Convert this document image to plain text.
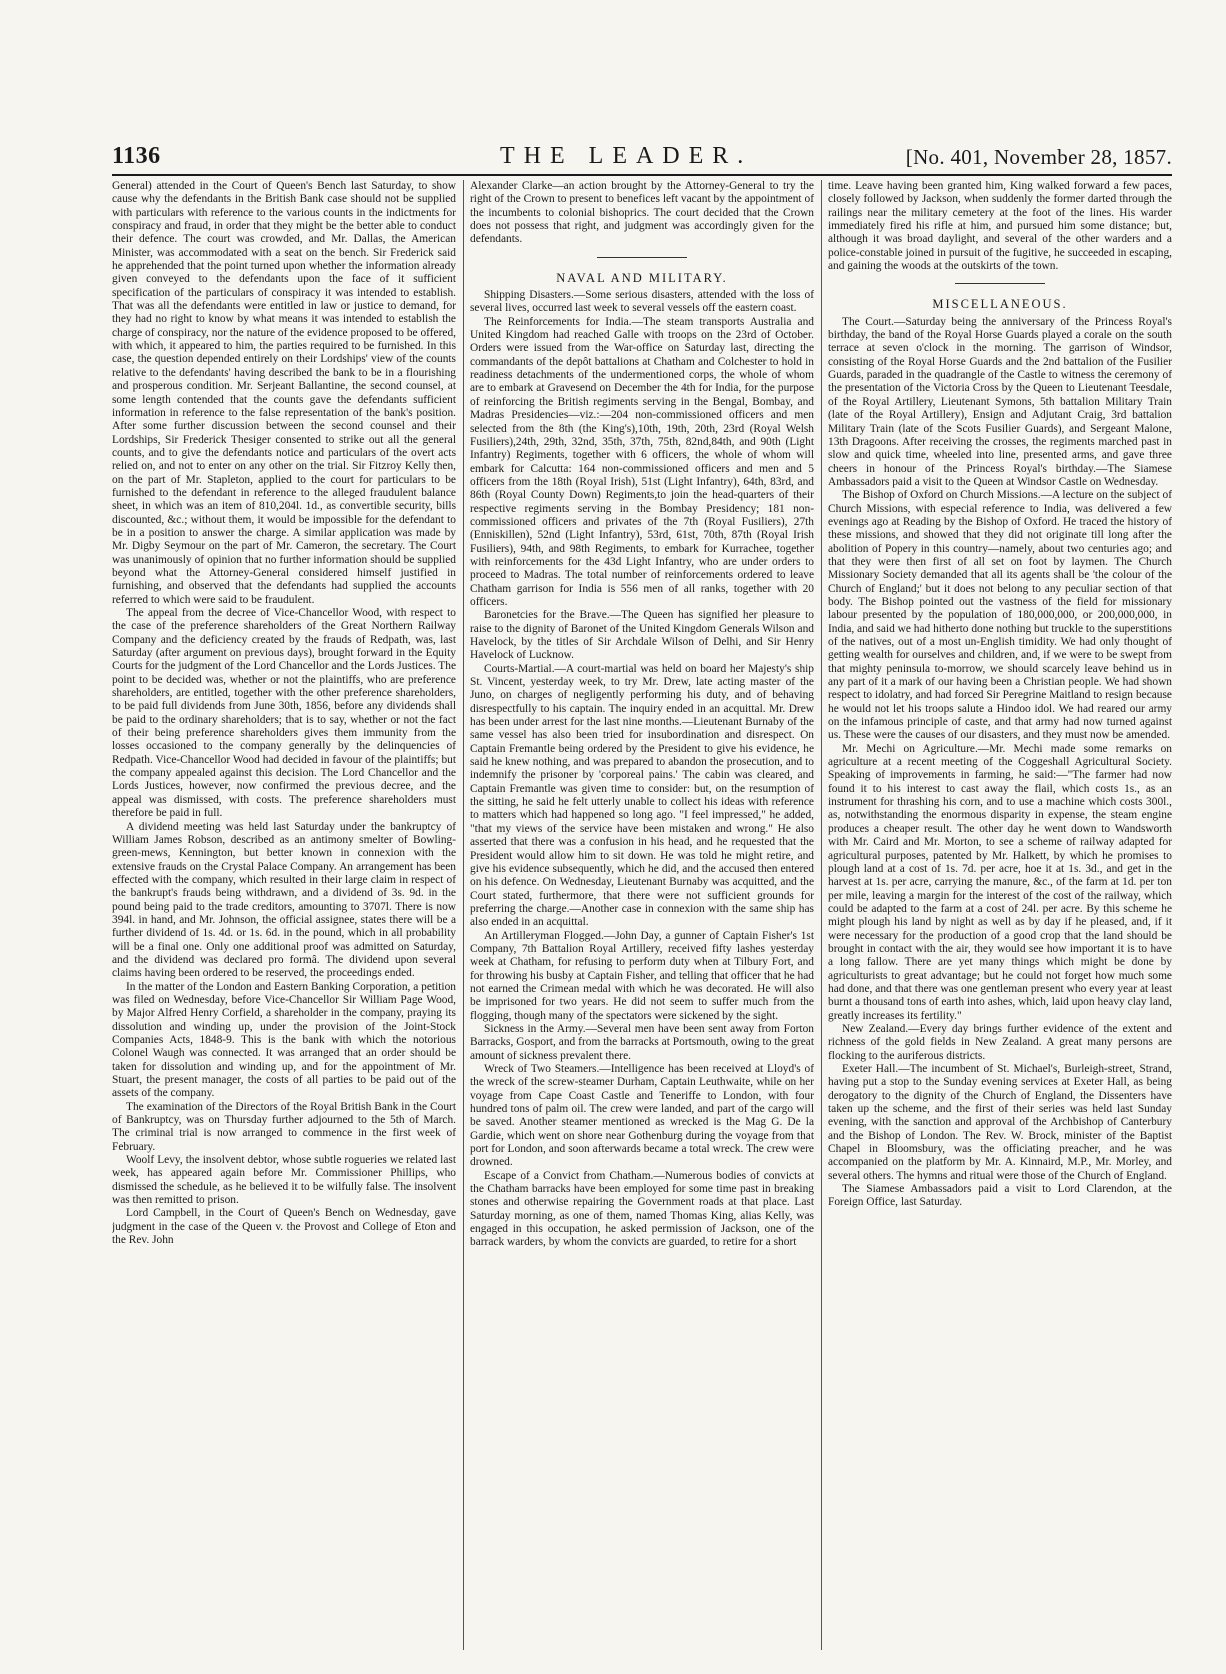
1136	THE LEADER.	[No. 401, November 28, 1857.

General) attended in the Court of Queen's Bench last Saturday, to show cause why the defendants in the British Bank case should not be supplied with particulars with reference to the various counts in the indictments for conspiracy and fraud, in order that they might be the better able to conduct their defence. The court was crowded, and Mr. Dallas, the American Minister, was accommodated with a seat on the bench. Sir Frederick said he apprehended that the point turned upon whether the information already given conveyed to the defendants upon the face of it sufficient specification of the particulars of conspiracy it was intended to establish. That was all the defendants were entitled in law or justice to demand, for they had no right to know by what means it was intended to establish the charge of conspiracy, nor the nature of the evidence proposed to be offered, with which, it appeared to him, the parties required to be furnished. In this case, the question depended entirely on their Lordships' view of the counts relative to the defendants' having described the bank to be in a flourishing and prosperous condition. Mr. Serjeant Ballantine, the second counsel, at some length contended that the counts gave the defendants sufficient information in reference to the false representation of the bank's position. After some further discussion between the second counsel and their Lordships, Sir Frederick Thesiger consented to strike out all the general counts, and to give the defendants notice and particulars of the overt acts relied on, and not to enter on any other on the trial. Sir Fitzroy Kelly then, on the part of Mr. Stapleton, applied to the court for particulars to be furnished to the defendant in reference to the alleged fraudulent balance sheet, in which was an item of 810,204l. 1d., as convertible security, bills discounted, &c.; without them, it would be impossible for the defendant to be in a position to answer the charge. A similar application was made by Mr. Digby Seymour on the part of Mr. Cameron, the secretary. The Court was unanimously of opinion that no further information should be supplied beyond what the Attorney-General considered himself justified in furnishing, and observed that the defendants had supplied the accounts referred to which were said to be fraudulent.

The appeal from the decree of Vice-Chancellor Wood, with respect to the case of the preference shareholders of the Great Northern Railway Company and the deficiency created by the frauds of Redpath, was, last Saturday (after argument on previous days), brought forward in the Equity Courts for the judgment of the Lord Chancellor and the Lords Justices. The point to be decided was, whether or not the plaintiffs, who are preference shareholders, are entitled, together with the other preference shareholders, to be paid full dividends from June 30th, 1856, before any dividends shall be paid to the ordinary shareholders; that is to say, whether or not the fact of their being preference shareholders gives them immunity from the losses occasioned to the company generally by the delinquencies of Redpath. Vice-Chancellor Wood had decided in favour of the plaintiffs; but the company appealed against this decision. The Lord Chancellor and the Lords Justices, however, now confirmed the previous decree, and the appeal was dismissed, with costs. The preference shareholders must therefore be paid in full.

A dividend meeting was held last Saturday under the bankruptcy of William James Robson, described as an antimony smelter of Bowling-green-mews, Kennington, but better known in connexion with the extensive frauds on the Crystal Palace Company. An arrangement has been effected with the company, which resulted in their large claim in respect of the bankrupt's frauds being withdrawn, and a dividend of 3s. 9d. in the pound being paid to the trade creditors, amounting to 3707l. There is now 394l. in hand, and Mr. Johnson, the official assignee, states there will be a further dividend of 1s. 4d. or 1s. 6d. in the pound, which in all probability will be a final one. Only one additional proof was admitted on Saturday, and the dividend was declared pro formâ. The dividend upon several claims having been ordered to be reserved, the proceedings ended.

In the matter of the London and Eastern Banking Corporation, a petition was filed on Wednesday, before Vice-Chancellor Sir William Page Wood, by Major Alfred Henry Corfield, a shareholder in the company, praying its dissolution and winding up, under the provision of the Joint-Stock Companies Acts, 1848-9. This is the bank with which the notorious Colonel Waugh was connected. It was arranged that an order should be taken for dissolution and winding up, and for the appointment of Mr. Stuart, the present manager, the costs of all parties to be paid out of the assets of the company.

The examination of the Directors of the Royal British Bank in the Court of Bankruptcy, was on Thursday further adjourned to the 5th of March. The criminal trial is now arranged to commence in the first week of February.

Woolf Levy, the insolvent debtor, whose subtle rogueries we related last week, has appeared again before Mr. Commissioner Phillips, who dismissed the schedule, as he believed it to be wilfully false. The insolvent was then remitted to prison.

Lord Campbell, in the Court of Queen's Bench on Wednesday, gave judgment in the case of the Queen v. the Provost and College of Eton and the Rev. John

Alexander Clarke—an action brought by the Attorney-General to try the right of the Crown to present to benefices left vacant by the appointment of the incumbents to colonial bishoprics. The court decided that the Crown does not possess that right, and judgment was accordingly given for the defendants.

NAVAL AND MILITARY.

Shipping Disasters.—Some serious disasters, attended with the loss of several lives, occurred last week to several vessels off the eastern coast.

The Reinforcements for India.—The steam transports Australia and United Kingdom had reached Galle with troops on the 23rd of October. Orders were issued from the War-office on Saturday last, directing the commandants of the depôt battalions at Chatham and Colchester to hold in readiness detachments of the undermentioned corps, the whole of whom are to embark at Gravesend on December the 4th for India, for the purpose of reinforcing the British regiments serving in the Bengal, Bombay, and Madras Presidencies—viz.:—204 non-commissioned officers and men selected from the 8th (the King's),10th, 19th, 20th, 23rd (Royal Welsh Fusiliers),24th, 29th, 32nd, 35th, 37th, 75th, 82nd,84th, and 90th (Light Infantry) Regiments, together with 6 officers, the whole of whom will embark for Calcutta: 164 non-commissioned officers and men and 5 officers from the 18th (Royal Irish), 51st (Light Infantry), 64th, 83rd, and 86th (Royal County Down) Regiments,to join the head-quarters of their respective regiments serving in the Bombay Presidency; 181 non-commissioned officers and privates of the 7th (Royal Fusiliers), 27th (Enniskillen), 52nd (Light Infantry), 53rd, 61st, 70th, 87th (Royal Irish Fusiliers), 94th, and 98th Regiments, to embark for Kurrachee, together with reinforcements for the 43d Light Infantry, who are under orders to proceed to Madras. The total number of reinforcements ordered to leave Chatham garrison for India is 556 men of all ranks, together with 20 officers.

Baronetcies for the Brave.—The Queen has signified her pleasure to raise to the dignity of Baronet of the United Kingdom Generals Wilson and Havelock, by the titles of Sir Archdale Wilson of Delhi, and Sir Henry Havelock of Lucknow.

Courts-Martial.—A court-martial was held on board her Majesty's ship St. Vincent, yesterday week, to try Mr. Drew, late acting master of the Juno, on charges of negligently performing his duty, and of behaving disrespectfully to his captain. The inquiry ended in an acquittal. Mr. Drew has been under arrest for the last nine months.—Lieutenant Burnaby of the same vessel has also been tried for insubordination and disrespect. On Captain Fremantle being ordered by the President to give his evidence, he said he knew nothing, and was prepared to abandon the prosecution, and to indemnify the prisoner by 'corporeal pains.' The cabin was cleared, and Captain Fremantle was given time to consider: but, on the resumption of the sitting, he said he felt utterly unable to collect his ideas with reference to matters which had happened so long ago. "I feel impressed," he added, "that my views of the service have been mistaken and wrong." He also asserted that there was a confusion in his head, and he requested that the President would allow him to sit down. He was told he might retire, and give his evidence subsequently, which he did, and the accused then entered on his defence. On Wednesday, Lieutenant Burnaby was acquitted, and the Court stated, furthermore, that there were not sufficient grounds for preferring the charge.—Another case in connexion with the same ship has also ended in an acquittal.

An Artilleryman Flogged.—John Day, a gunner of Captain Fisher's 1st Company, 7th Battalion Royal Artillery, received fifty lashes yesterday week at Chatham, for refusing to perform duty when at Tilbury Fort, and for throwing his busby at Captain Fisher, and telling that officer that he had not earned the Crimean medal with which he was decorated. He will also be imprisoned for two years. He did not seem to suffer much from the flogging, though many of the spectators were sickened by the sight.

Sickness in the Army.—Several men have been sent away from Forton Barracks, Gosport, and from the barracks at Portsmouth, owing to the great amount of sickness prevalent there.

Wreck of Two Steamers.—Intelligence has been received at Lloyd's of the wreck of the screw-steamer Durham, Captain Leuthwaite, while on her voyage from Cape Coast Castle and Teneriffe to London, with four hundred tons of palm oil. The crew were landed, and part of the cargo will be saved. Another steamer mentioned as wrecked is the Mag G. De la Gardie, which went on shore near Gothenburg during the voyage from that port for London, and soon afterwards became a total wreck. The crew were drowned.

Escape of a Convict from Chatham.—Numerous bodies of convicts at the Chatham barracks have been employed for some time past in breaking stones and otherwise repairing the Government roads at that place. Last Saturday morning, as one of them, named Thomas King, alias Kelly, was engaged in this occupation, he asked permission of Jackson, one of the barrack warders, by whom the convicts are guarded, to retire for a short

time. Leave having been granted him, King walked forward a few paces, closely followed by Jackson, when suddenly the former darted through the railings near the military cemetery at the foot of the lines. His warder immediately fired his rifle at him, and pursued him some distance; but, although it was broad daylight, and several of the other warders and a police-constable joined in pursuit of the fugitive, he succeeded in escaping, and gaining the woods at the outskirts of the town.

MISCELLANEOUS.

The Court.—Saturday being the anniversary of the Princess Royal's birthday, the band of the Royal Horse Guards played a corale on the south terrace at seven o'clock in the morning. The garrison of Windsor, consisting of the Royal Horse Guards and the 2nd battalion of the Fusilier Guards, paraded in the quadrangle of the Castle to witness the ceremony of the presentation of the Victoria Cross by the Queen to Lieutenant Teesdale, of the Royal Artillery, Lieutenant Symons, 5th battalion Military Train (late of the Royal Artillery), Ensign and Adjutant Craig, 3rd battalion Military Train (late of the Scots Fusilier Guards), and Sergeant Malone, 13th Dragoons. After receiving the crosses, the regiments marched past in slow and quick time, wheeled into line, presented arms, and gave three cheers in honour of the Princess Royal's birthday.—The Siamese Ambassadors paid a visit to the Queen at Windsor Castle on Wednesday.

The Bishop of Oxford on Church Missions.—A lecture on the subject of Church Missions, with especial reference to India, was delivered a few evenings ago at Reading by the Bishop of Oxford. He traced the history of these missions, and showed that they did not originate till long after the abolition of Popery in this country—namely, about two centuries ago; and that they were then first of all set on foot by laymen. The Church Missionary Society demanded that all its agents shall be 'the colour of the Church of England;' but it does not belong to any peculiar section of that body. The Bishop pointed out the vastness of the field for missionary labour presented by the population of 180,000,000, or 200,000,000, in India, and said we had hitherto done nothing but truckle to the superstitions of the natives, out of a most un-English timidity. We had only thought of getting wealth for ourselves and children, and, if we were to be swept from that mighty peninsula to-morrow, we should scarcely leave behind us in any part of it a mark of our having been a Christian people. We had shown respect to idolatry, and had forced Sir Peregrine Maitland to resign because he would not let his troops salute a Hindoo idol. We had reared our army on the infamous principle of caste, and that army had now turned against us. These were the causes of our disasters, and they must now be amended.

Mr. Mechi on Agriculture.—Mr. Mechi made some remarks on agriculture at a recent meeting of the Coggeshall Agricultural Society. Speaking of improvements in farming, he said:—"The farmer had now found it to his interest to cast away the flail, which costs 1s., as an instrument for thrashing his corn, and to use a machine which costs 300l., as, notwithstanding the enormous disparity in expense, the steam engine produces a cheaper result. The other day he went down to Wandsworth with Mr. Caird and Mr. Morton, to see a scheme of railway adapted for agricultural purposes, patented by Mr. Halkett, by which he promises to plough land at a cost of 1s. 7d. per acre, hoe it at 1s. 3d., and get in the harvest at 1s. per acre, carrying the manure, &c., of the farm at 1d. per ton per mile, leaving a margin for the interest of the cost of the railway, which could be adapted to the farm at a cost of 24l. per acre. By this scheme he might plough his land by night as well as by day if he pleased, and, if it were necessary for the production of a good crop that the land should be brought in contact with the air, they would see how important it is to have a long fallow. There are yet many things which might be done by agriculturists to great advantage; but he could not forget how much some had done, and that there was one gentleman present who every year at least burnt a thousand tons of earth into ashes, which, laid upon heavy clay land, greatly increases its fertility."

New Zealand.—Every day brings further evidence of the extent and richness of the gold fields in New Zealand. A great many persons are flocking to the auriferous districts.

Exeter Hall.—The incumbent of St. Michael's, Burleigh-street, Strand, having put a stop to the Sunday evening services at Exeter Hall, as being derogatory to the dignity of the Church of England, the Dissenters have taken up the scheme, and the first of their series was held last Sunday evening, with the sanction and approval of the Archbishop of Canterbury and the Bishop of London. The Rev. W. Brock, minister of the Baptist Chapel in Bloomsbury, was the officiating preacher, and he was accompanied on the platform by Mr. A. Kinnaird, M.P., Mr. Morley, and several others. The hymns and ritual were those of the Church of England.

The Siamese Ambassadors paid a visit to Lord Clarendon, at the Foreign Office, last Saturday.
